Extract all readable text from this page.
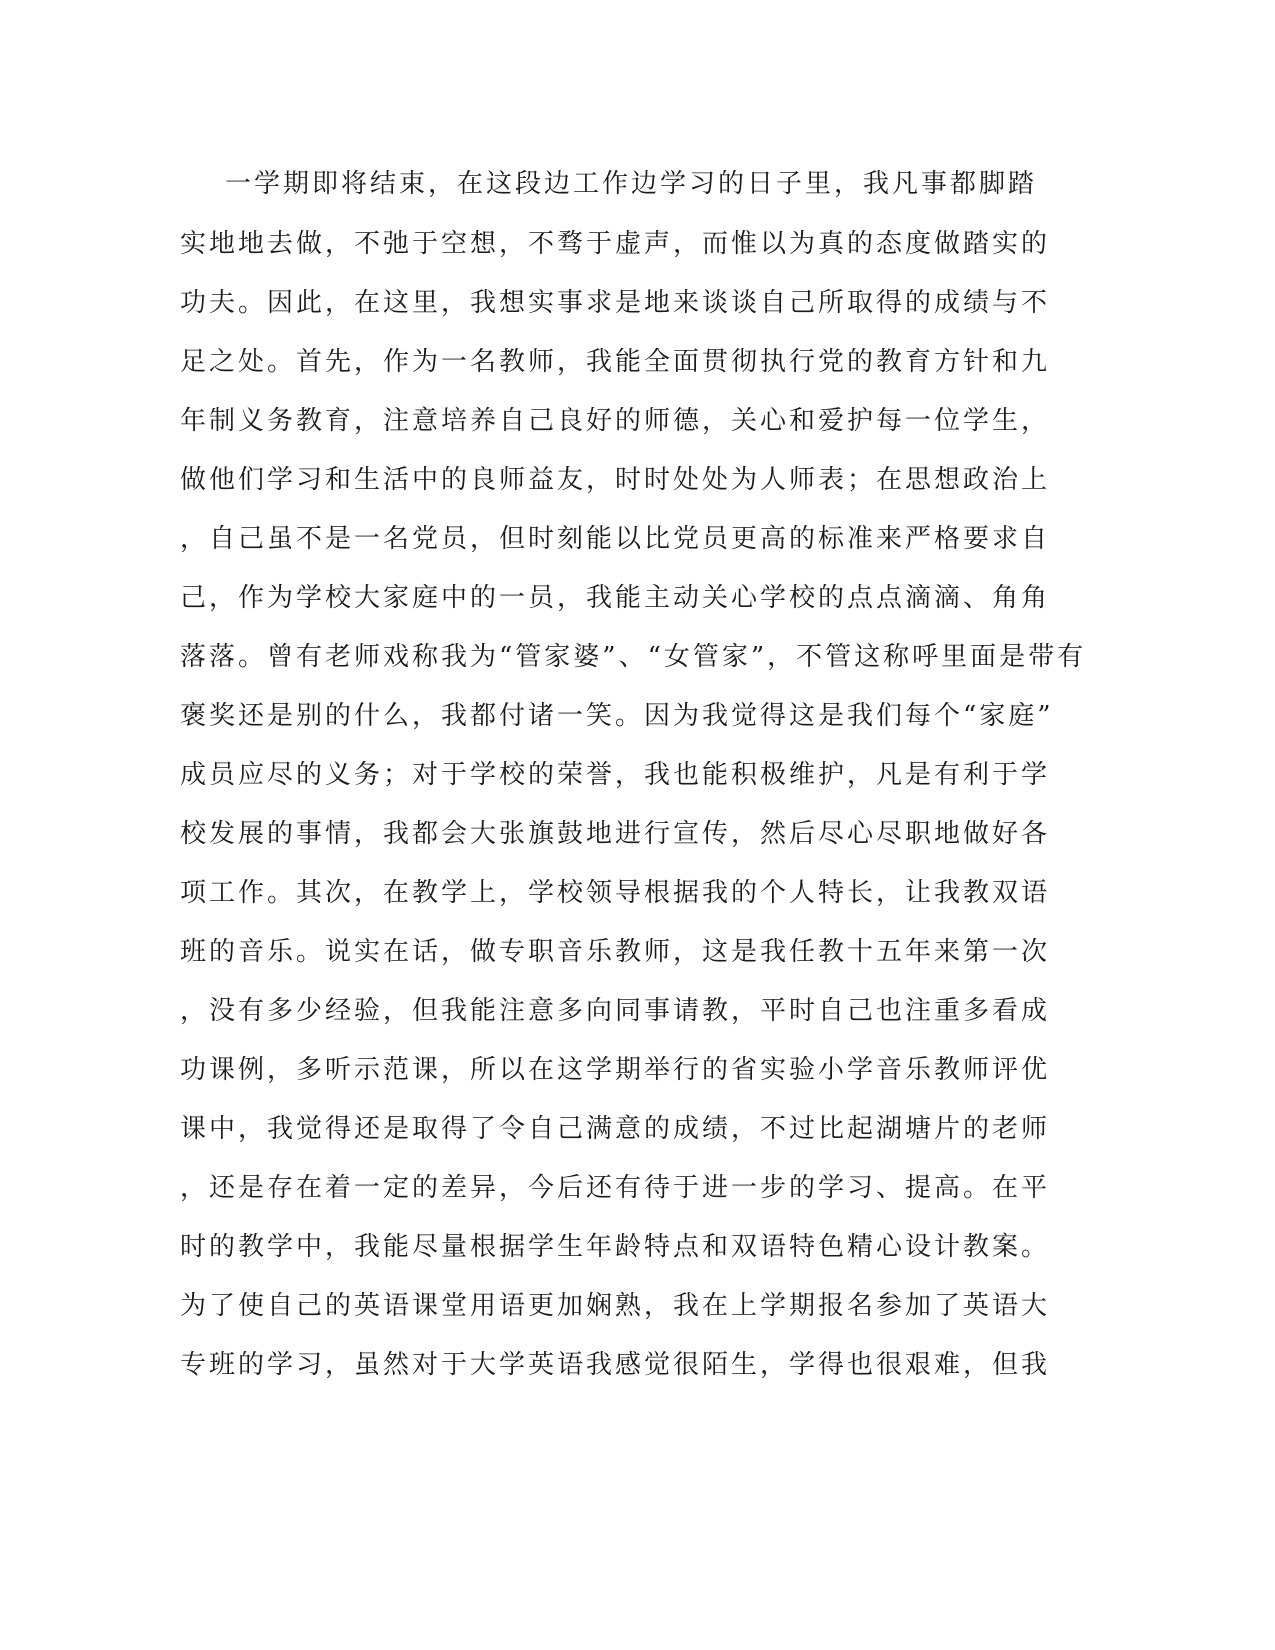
一学期即将结束，在这段边工作边学习的日子里，我凡事都脚踏
实地地去做，不弛于空想，不骛于虚声，而惟以为真的态度做踏实的
功夫。因此，在这里，我想实事求是地来谈谈自己所取得的成绩与不
足之处。首先，作为一名教师，我能全面贯彻执行党的教育方针和九
年制义务教育，注意培养自己良好的师德，关心和爱护每一位学生，
做他们学习和生活中的良师益友，时时处处为人师表；在思想政治上
，自己虽不是一名党员，但时刻能以比党员更高的标准来严格要求自
己，作为学校大家庭中的一员，我能主动关心学校的点点滴滴、角角
落落。曾有老师戏称我为“管家婆”、“女管家”，不管这称呼里面是带有
褒奖还是别的什么，我都付诸一笑。因为我觉得这是我们每个“家庭”
成员应尽的义务；对于学校的荣誉，我也能积极维护，凡是有利于学
校发展的事情，我都会大张旗鼓地进行宣传，然后尽心尽职地做好各
项工作。其次，在教学上，学校领导根据我的个人特长，让我教双语
班的音乐。说实在话，做专职音乐教师，这是我任教十五年来第一次
，没有多少经验，但我能注意多向同事请教，平时自己也注重多看成
功课例，多听示范课，所以在这学期举行的省实验小学音乐教师评优
课中，我觉得还是取得了令自己满意的成绩，不过比起湖塘片的老师
，还是存在着一定的差异，今后还有待于进一步的学习、提高。在平
时的教学中，我能尽量根据学生年龄特点和双语特色精心设计教案。
为了使自己的英语课堂用语更加娴熟，我在上学期报名参加了英语大
专班的学习，虽然对于大学英语我感觉很陌生，学得也很艰难，但我
